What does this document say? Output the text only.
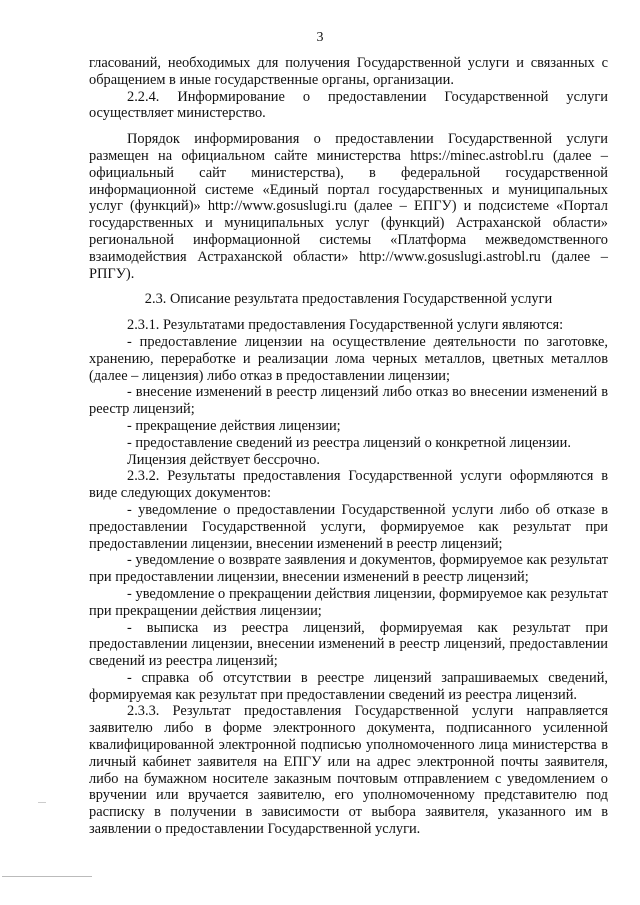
3

гласований, необходимых для получения Государственной услуги и связанных с обращением в иные государственные органы, организации.

2.2.4. Информирование о предоставлении Государственной услуги осуществляет министерство.

Порядок информирования о предоставлении Государственной услуги размещен на официальном сайте министерства https://minec.astrobl.ru (далее – официальный сайт министерства), в федеральной государственной информационной системе «Единый портал государственных и муниципальных услуг (функций)» http://www.gosuslugi.ru (далее – ЕПГУ) и подсистеме «Портал государственных и муниципальных услуг (функций) Астраханской области» региональной информационной системы «Платформа межведомственного взаимодействия Астраханской области» http://www.gosuslugi.astrobl.ru (далее – РПГУ).

2.3. Описание результата предоставления Государственной услуги

2.3.1. Результатами предоставления Государственной услуги являются:

- предоставление лицензии на осуществление деятельности по заготовке, хранению, переработке и реализации лома черных металлов, цветных металлов (далее – лицензия) либо отказ в предоставлении лицензии;

- внесение изменений в реестр лицензий либо отказ во внесении изменений в реестр лицензий;

- прекращение действия лицензии;

- предоставление сведений из реестра лицензий о конкретной лицензии.

Лицензия действует бессрочно.

2.3.2. Результаты предоставления Государственной услуги оформляются в виде следующих документов:

- уведомление о предоставлении Государственной услуги либо об отказе в предоставлении Государственной услуги, формируемое как результат при предоставлении лицензии, внесении изменений в реестр лицензий;

- уведомление о возврате заявления и документов, формируемое как результат при предоставлении лицензии, внесении изменений в реестр лицензий;

- уведомление о прекращении действия лицензии, формируемое как результат при прекращении действия лицензии;

- выписка из реестра лицензий, формируемая как результат при предоставлении лицензии, внесении изменений в реестр лицензий, предоставлении сведений из реестра лицензий;

- справка об отсутствии в реестре лицензий запрашиваемых сведений, формируемая как результат при предоставлении сведений из реестра лицензий.

2.3.3. Результат предоставления Государственной услуги направляется заявителю либо в форме электронного документа, подписанного усиленной квалифицированной электронной подписью уполномоченного лица министерства в личный кабинет заявителя на ЕПГУ или на адрес электронной почты заявителя, либо на бумажном носителе заказным почтовым отправлением с уведомлением о вручении или вручается заявителю, его уполномоченному представителю под расписку в получении в зависимости от выбора заявителя, указанного им в заявлении о предоставлении Государственной услуги.
